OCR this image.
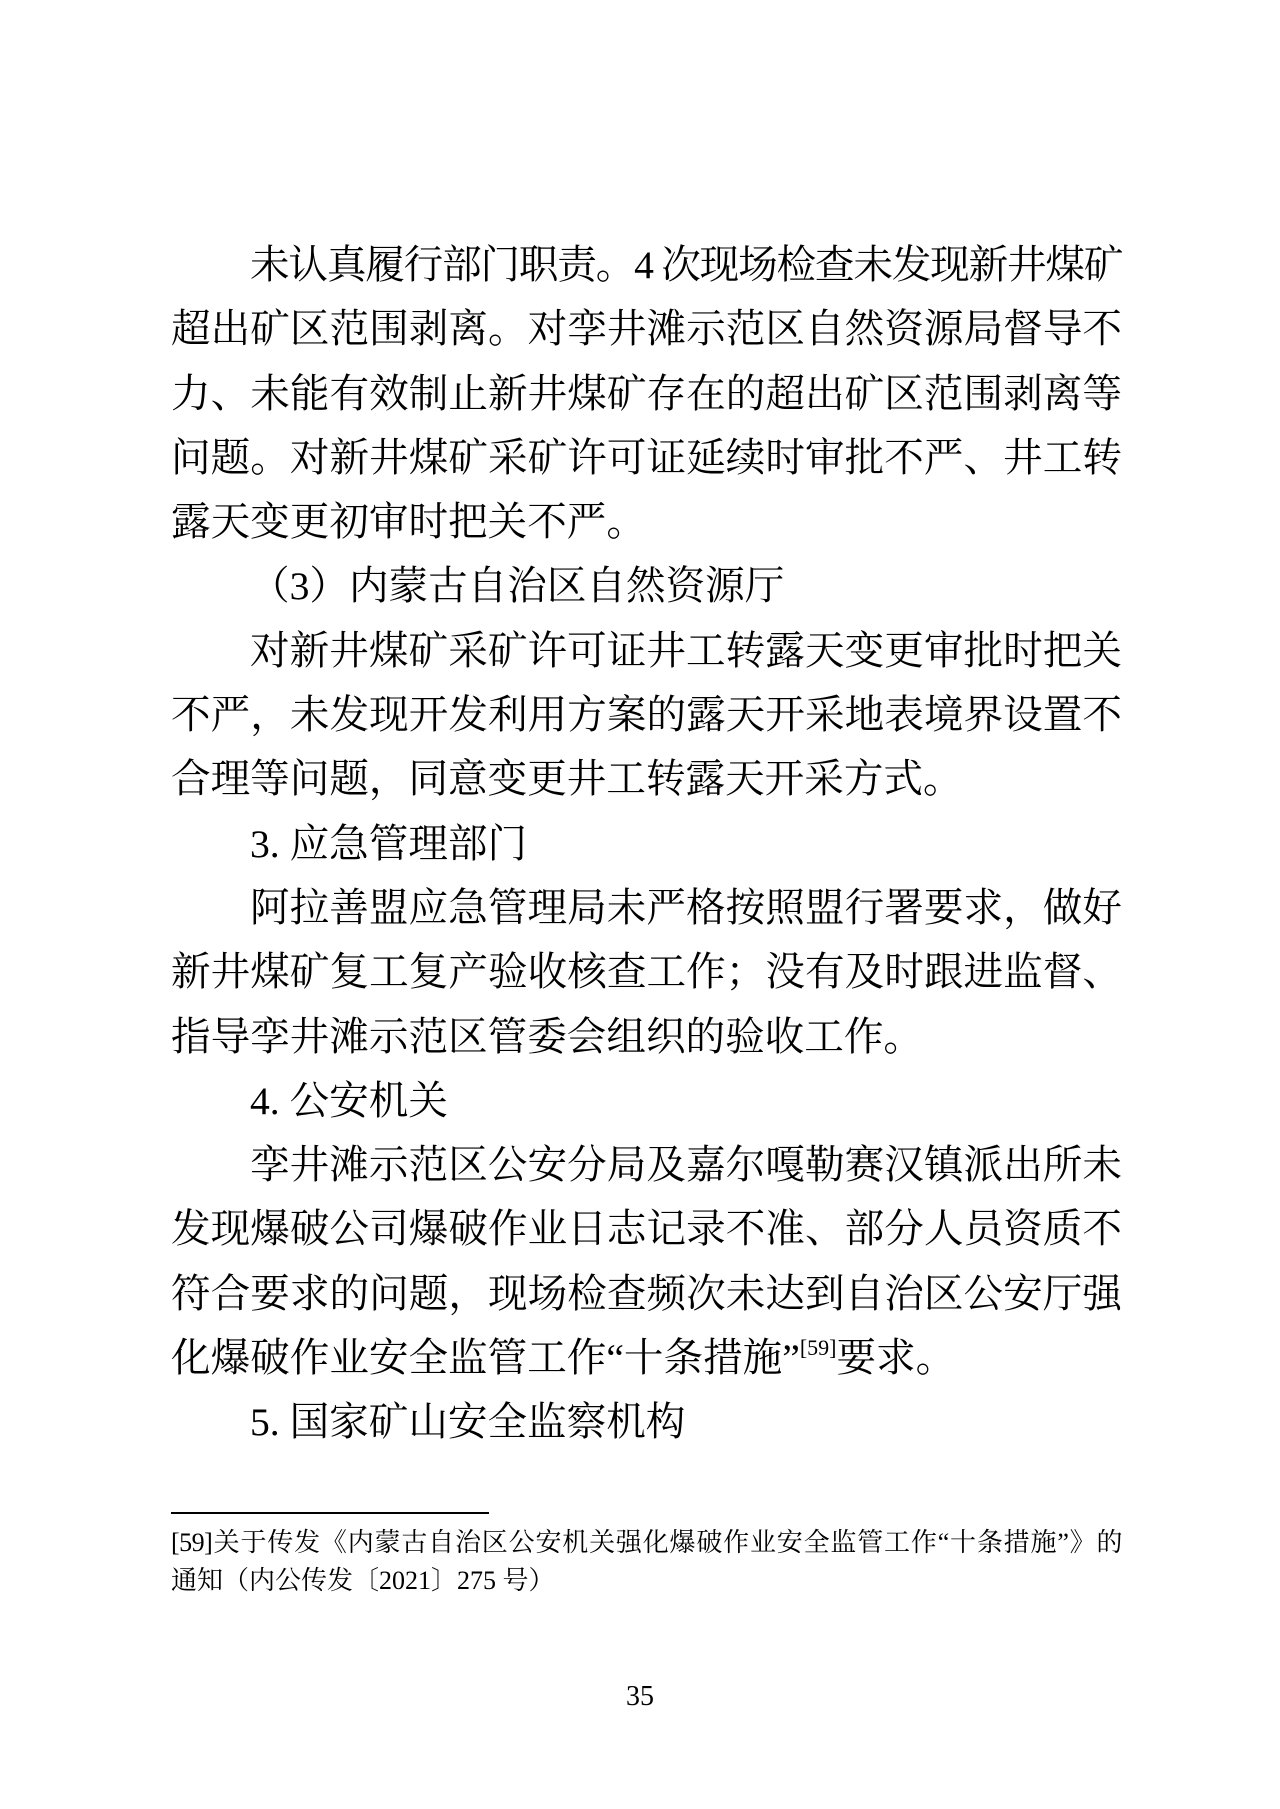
未认真履行部门职责。4 次现场检查未发现新井煤矿
超出矿区范围剥离。对孪井滩示范区自然资源局督导不
力、未能有效制止新井煤矿存在的超出矿区范围剥离等
问题。对新井煤矿采矿许可证延续时审批不严、井工转
露天变更初审时把关不严。
（3）内蒙古自治区自然资源厅
对新井煤矿采矿许可证井工转露天变更审批时把关
不严，未发现开发利用方案的露天开采地表境界设置不
合理等问题，同意变更井工转露天开采方式。
3. 应急管理部门
阿拉善盟应急管理局未严格按照盟行署要求，做好
新井煤矿复工复产验收核查工作；没有及时跟进监督、
指导孪井滩示范区管委会组织的验收工作。
4. 公安机关
孪井滩示范区公安分局及嘉尔嘎勒赛汉镇派出所未
发现爆破公司爆破作业日志记录不准、部分人员资质不
符合要求的问题，现场检查频次未达到自治区公安厅强
化爆破作业安全监管工作“十条措施”[59]要求。
5. 国家矿山安全监察机构
[59]关于传发《内蒙古自治区公安机关强化爆破作业安全监管工作“十条措施”》的
通知（内公传发〔2021〕275 号）
35
